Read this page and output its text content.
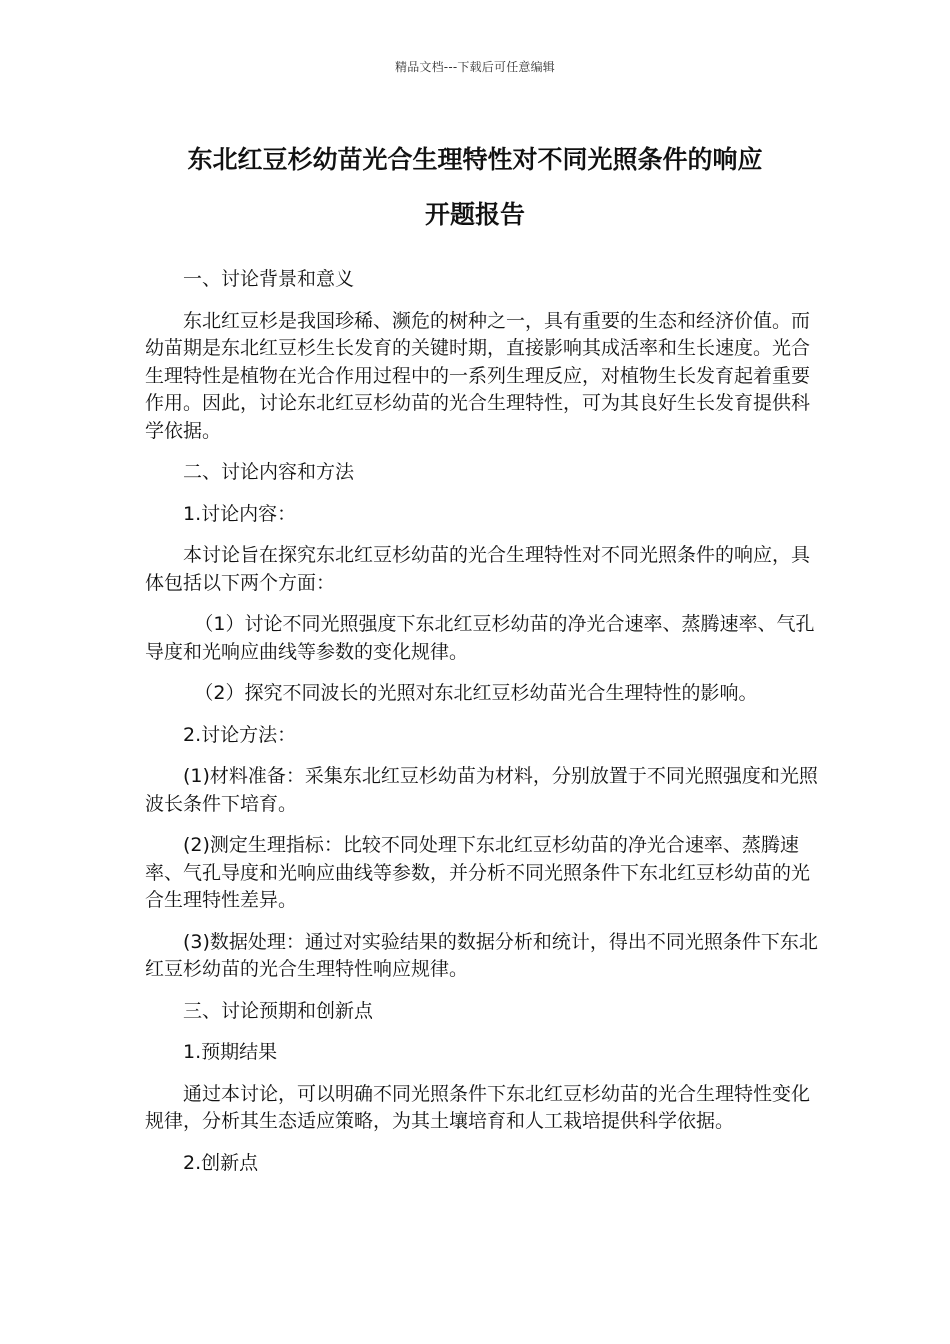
精品文档---下载后可任意编辑
东北红豆杉幼苗光合生理特性对不同光照条件的响应
开题报告

一、讨论背景和意义

东北红豆杉是我国珍稀、濒危的树种之一，具有重要的生态和经济价值。而幼苗期是东北红豆杉生长发育的关键时期，直接影响其成活率和生长速度。光合生理特性是植物在光合作用过程中的一系列生理反应，对植物生长发育起着重要作用。因此，讨论东北红豆杉幼苗的光合生理特性，可为其良好生长发育提供科学依据。

二、讨论内容和方法

1.讨论内容：

本讨论旨在探究东北红豆杉幼苗的光合生理特性对不同光照条件的响应，具体包括以下两个方面：

（1）讨论不同光照强度下东北红豆杉幼苗的净光合速率、蒸腾速率、气孔导度和光响应曲线等参数的变化规律。

（2）探究不同波长的光照对东北红豆杉幼苗光合生理特性的影响。

2.讨论方法：

(1)材料准备：采集东北红豆杉幼苗为材料，分别放置于不同光照强度和光照波长条件下培育。

(2)测定生理指标：比较不同处理下东北红豆杉幼苗的净光合速率、蒸腾速率、气孔导度和光响应曲线等参数，并分析不同光照条件下东北红豆杉幼苗的光合生理特性差异。

(3)数据处理：通过对实验结果的数据分析和统计，得出不同光照条件下东北红豆杉幼苗的光合生理特性响应规律。

三、讨论预期和创新点

1.预期结果

通过本讨论，可以明确不同光照条件下东北红豆杉幼苗的光合生理特性变化规律，分析其生态适应策略，为其土壤培育和人工栽培提供科学依据。

2.创新点
